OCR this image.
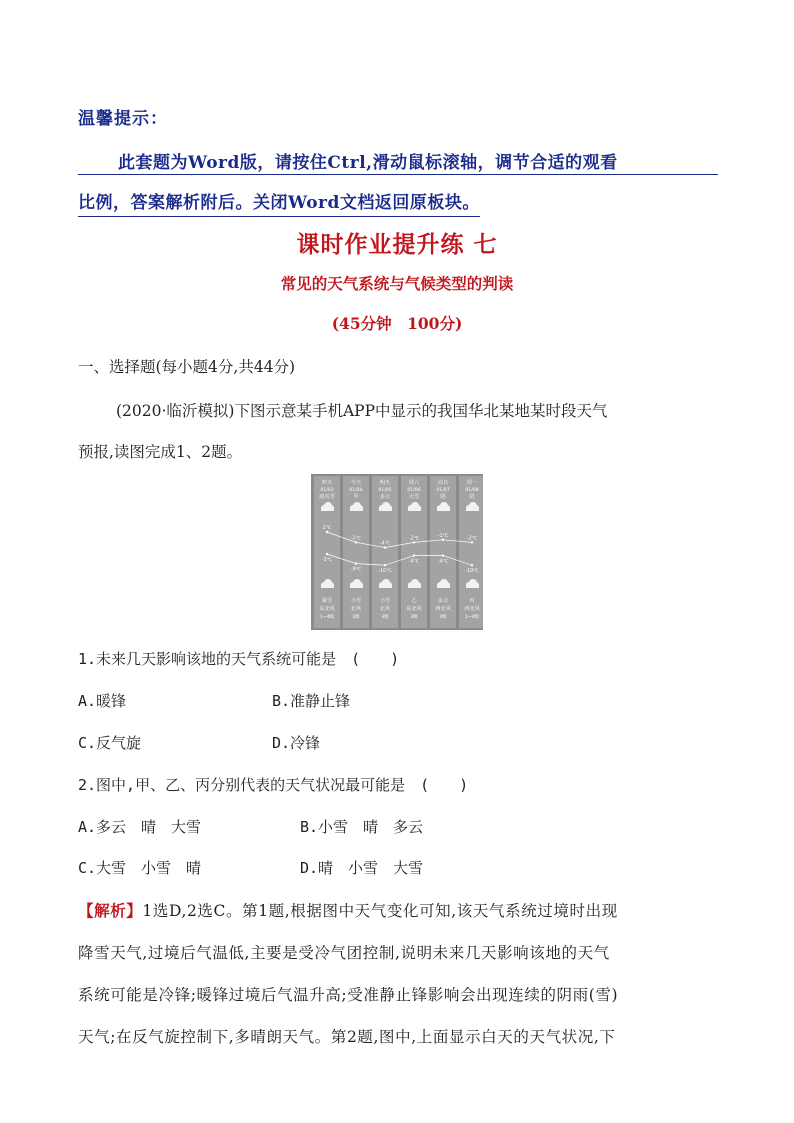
温馨提示：
此套题为Word版，请按住Ctrl,滑动鼠标滚轴，调节合适的观看
比例，答案解析附后。关闭Word文档返回原板块。
课时作业提升练 七
常见的天气系统与气候类型的判读
(45分钟　100分)
一、选择题(每小题4分,共44分)
(2020·临沂模拟)下图示意某手机APP中显示的我国华北某地某时段天气
预报,读图完成1、2题。
昨天
01/03
雨夹雪
2℃
-3℃
暴雪
东北风
1~4级
今天
01/04
甲
-2℃
-9℃
小雪
北风
3级
明天
01/05
多云
-4℃
-10℃
小雪
北风
3级
周六
01/06
大雪
-2℃
-4℃
乙
东北风
3级
周日
01/07
阴
-1℃
-4℃
多云
西北风
3级
周一
01/08
阴
-2℃
-10℃
丙
西北风
1~4级
1.未来几天影响该地的天气系统可能是　(　　)
A.暖锋	B.准静止锋
C.反气旋	D.冷锋
2.图中,甲、乙、丙分别代表的天气状况最可能是　(　　)
A.多云　晴　大雪	B.小雪　晴　多云
C.大雪　小雪　晴	D.晴　小雪　大雪
【解析】1选D,2选C。第1题,根据图中天气变化可知,该天气系统过境时出现
降雪天气,过境后气温低,主要是受冷气团控制,说明未来几天影响该地的天气
系统可能是冷锋;暖锋过境后气温升高;受准静止锋影响会出现连续的阴雨(雪)
天气;在反气旋控制下,多晴朗天气。第2题,图中,上面显示白天的天气状况,下
